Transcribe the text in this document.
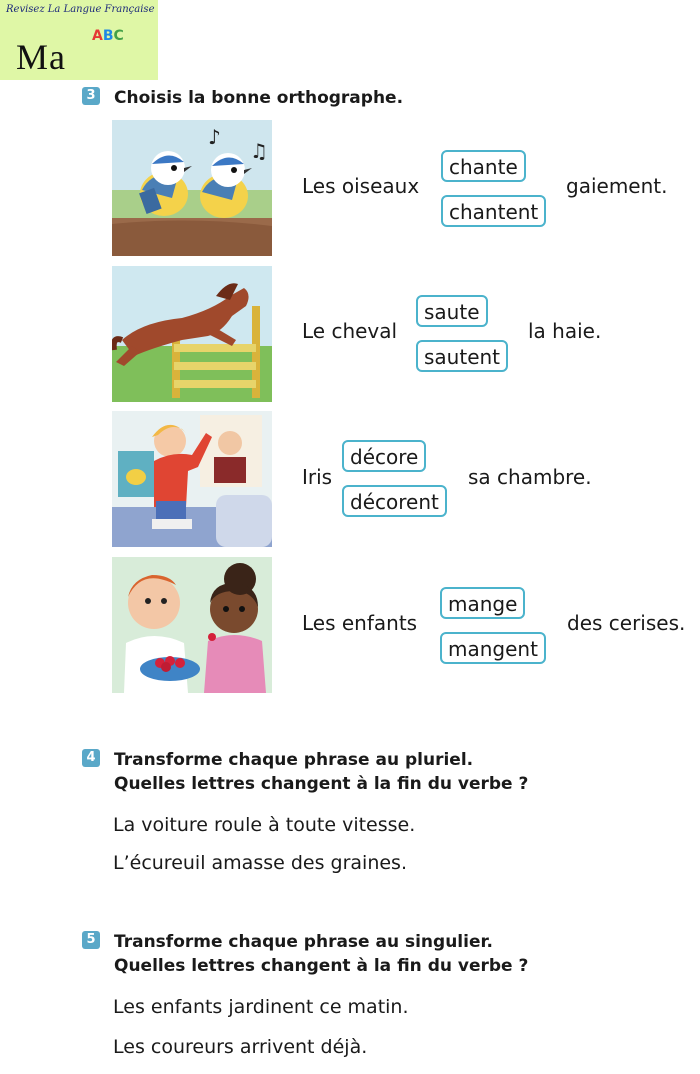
Revisez La Langue Française
Ma
ABC
3 Choisis la bonne orthographe.
♪
♫
Les oiseaux
chante
chantent
gaiement.
Le cheval
saute
sautent
la haie.
Iris
décore
décorent
sa chambre.
Les enfants
mange
mangent
des cerises.
4 Transforme chaque phrase au pluriel.
Quelles lettres changent à la fin du verbe ?
La voiture roule à toute vitesse.
L’écureuil amasse des graines.
5 Transforme chaque phrase au singulier.
Quelles lettres changent à la fin du verbe ?
Les enfants jardinent ce matin.
Les coureurs arrivent déjà.
